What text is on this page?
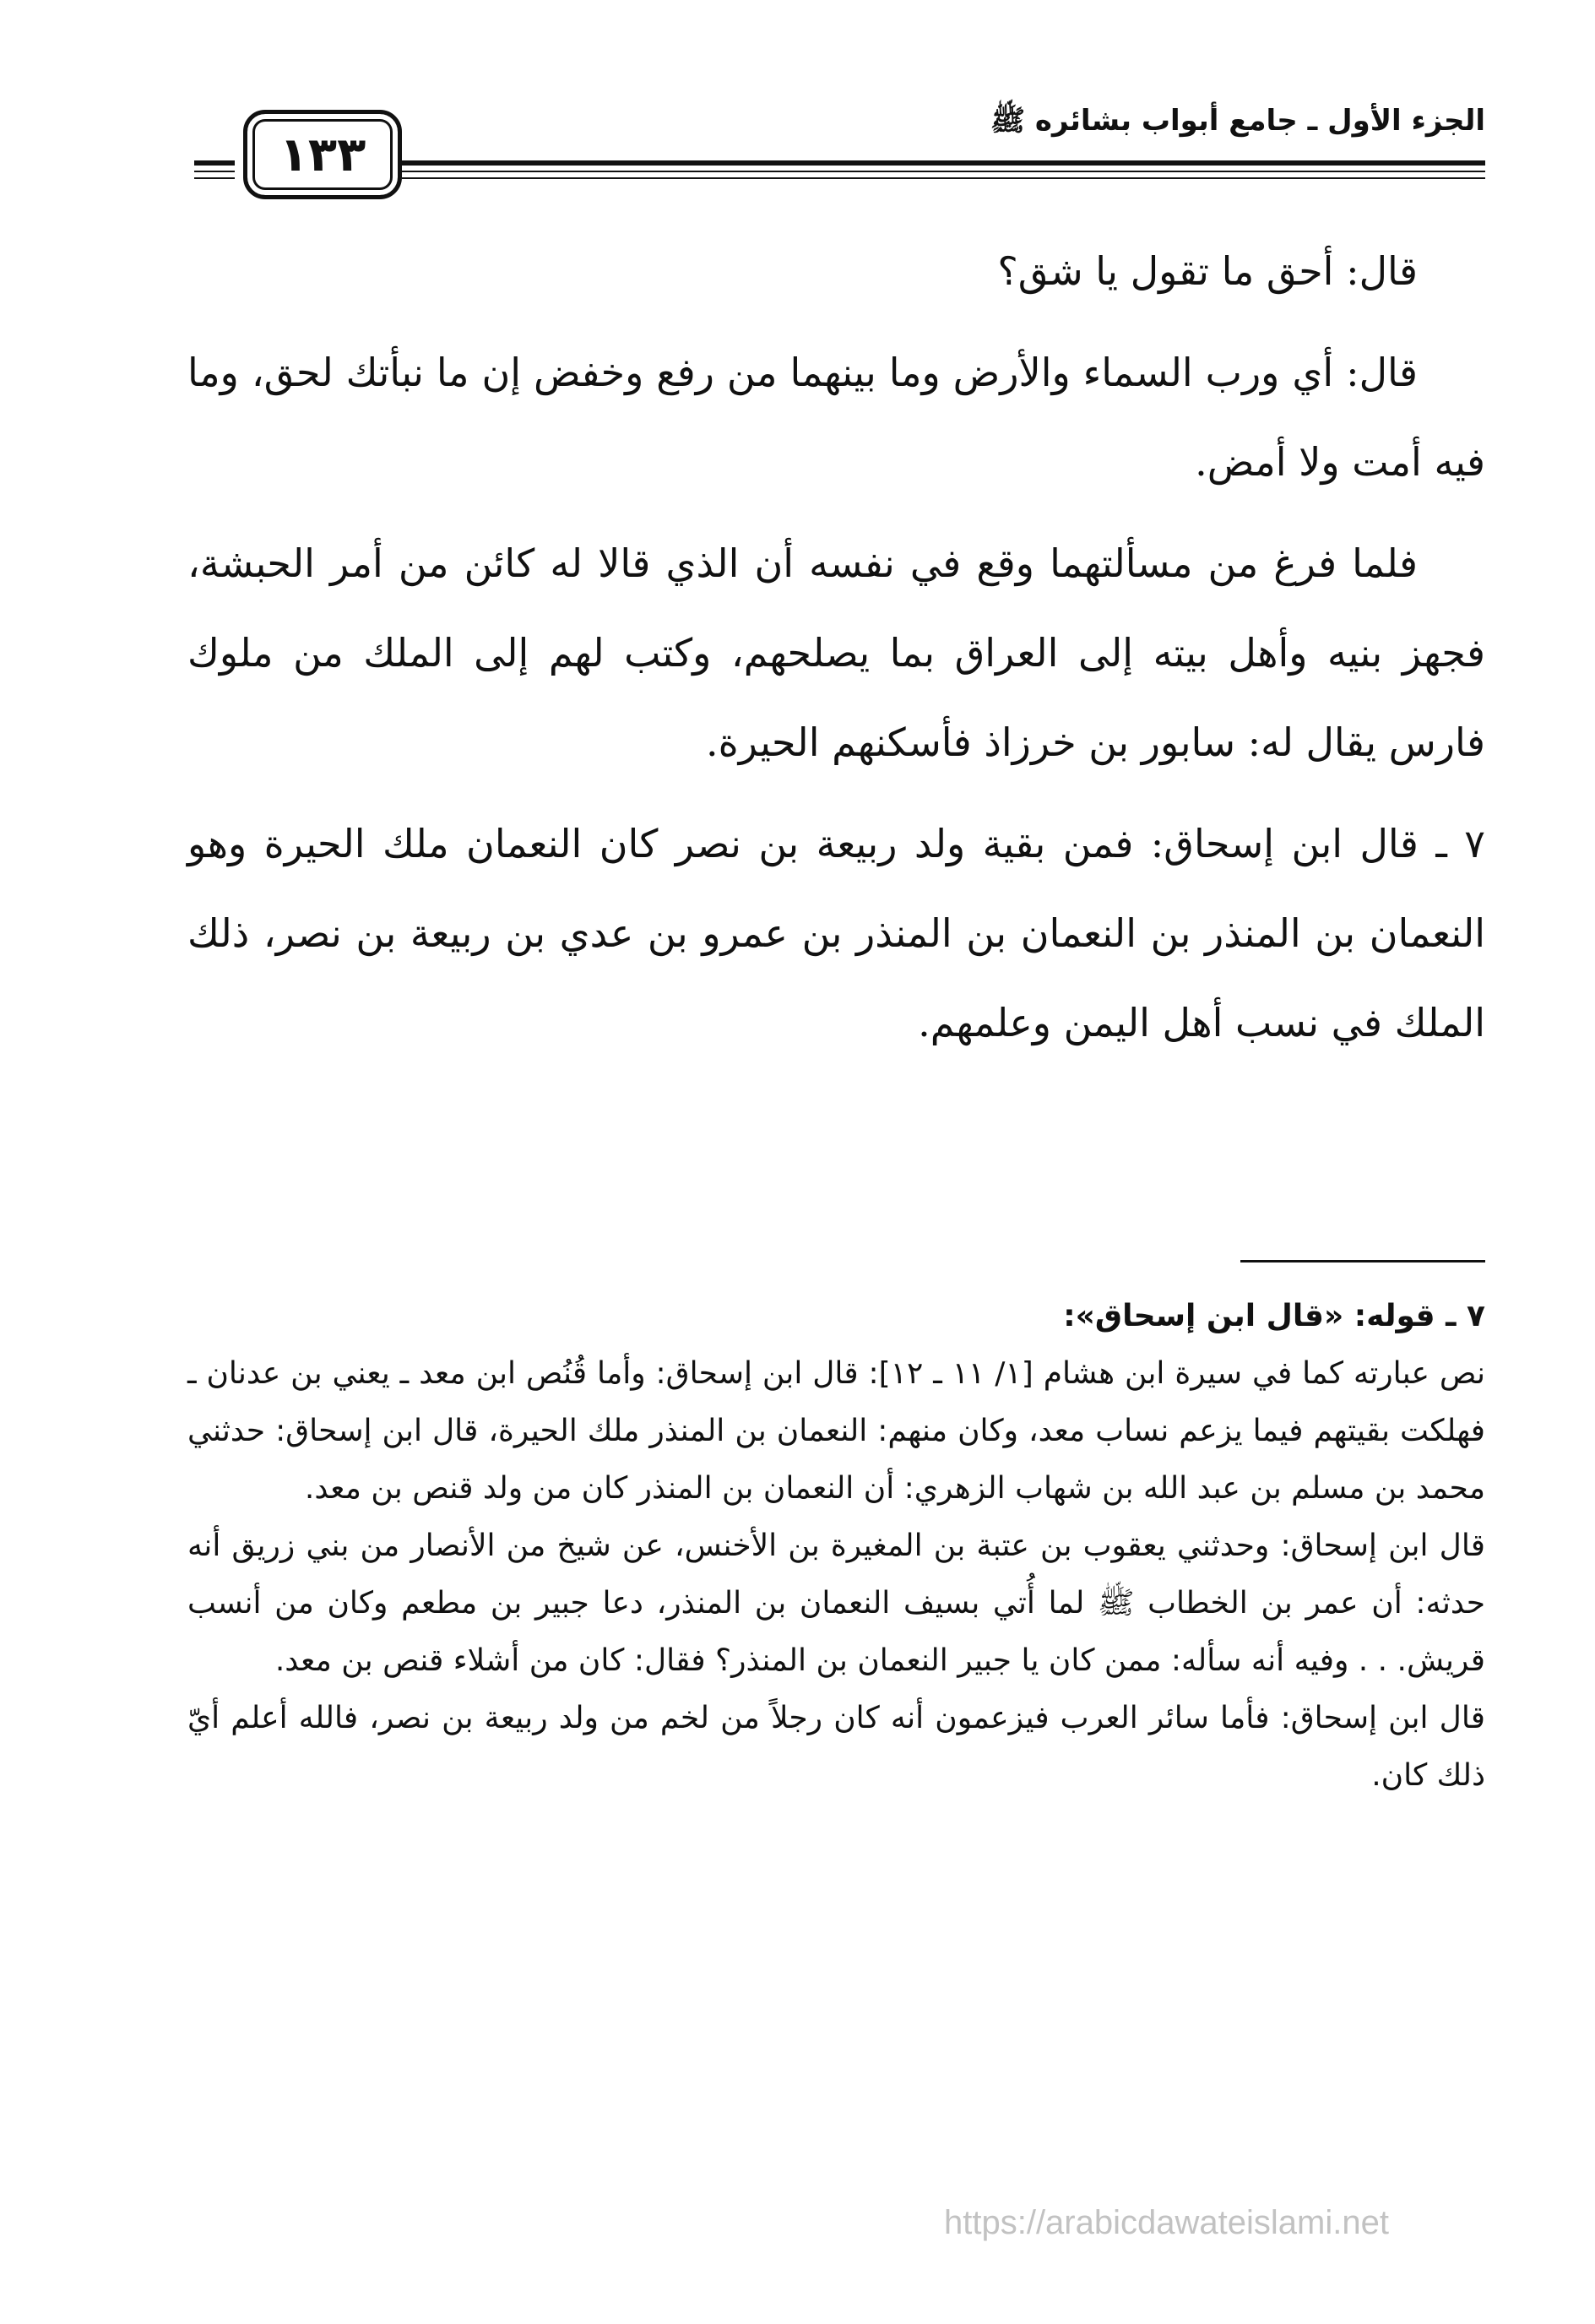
الجزء الأول ـ جامع أبواب بشائره ﷺ
١٣٣

قال: أحق ما تقول يا شق؟

قال: أي ورب السماء والأرض وما بينهما من رفع وخفض إن ما نبأتك لحق، وما فيه أمت ولا أمض.

فلما فرغ من مسألتهما وقع في نفسه أن الذي قالا له كائن من أمر الحبشة، فجهز بنيه وأهل بيته إلى العراق بما يصلحهم، وكتب لهم إلى الملك من ملوك فارس يقال له: سابور بن خرزاذ فأسكنهم الحيرة.

٧ ـ قال ابن إسحاق: فمن بقية ولد ربيعة بن نصر كان النعمان ملك الحيرة وهو النعمان بن المنذر بن النعمان بن المنذر بن عمرو بن عدي بن ربيعة بن نصر، ذلك الملك في نسب أهل اليمن وعلمهم.

٧ ـ قوله: «قال ابن إسحاق»:

نص عبارته كما في سيرة ابن هشام [١/ ١١ ـ ١٢]: قال ابن إسحاق: وأما قُنُص ابن معد ـ يعني بن عدنان ـ فهلكت بقيتهم فيما يزعم نساب معد، وكان منهم: النعمان بن المنذر ملك الحيرة، قال ابن إسحاق: حدثني محمد بن مسلم بن عبد الله بن شهاب الزهري: أن النعمان بن المنذر كان من ولد قنص بن معد.

قال ابن إسحاق: وحدثني يعقوب بن عتبة بن المغيرة بن الأخنس، عن شيخ من الأنصار من بني زريق أنه حدثه: أن عمر بن الخطاب ﷺ لما أُتي بسيف النعمان بن المنذر، دعا جبير بن مطعم وكان من أنسب قريش. . . وفيه أنه سأله: ممن كان يا جبير النعمان بن المنذر؟ فقال: كان من أشلاء قنص بن معد.

قال ابن إسحاق: فأما سائر العرب فيزعمون أنه كان رجلاً من لخم من ولد ربيعة بن نصر، فالله أعلم أيّ ذلك كان.

https://arabicdawateislami.net
